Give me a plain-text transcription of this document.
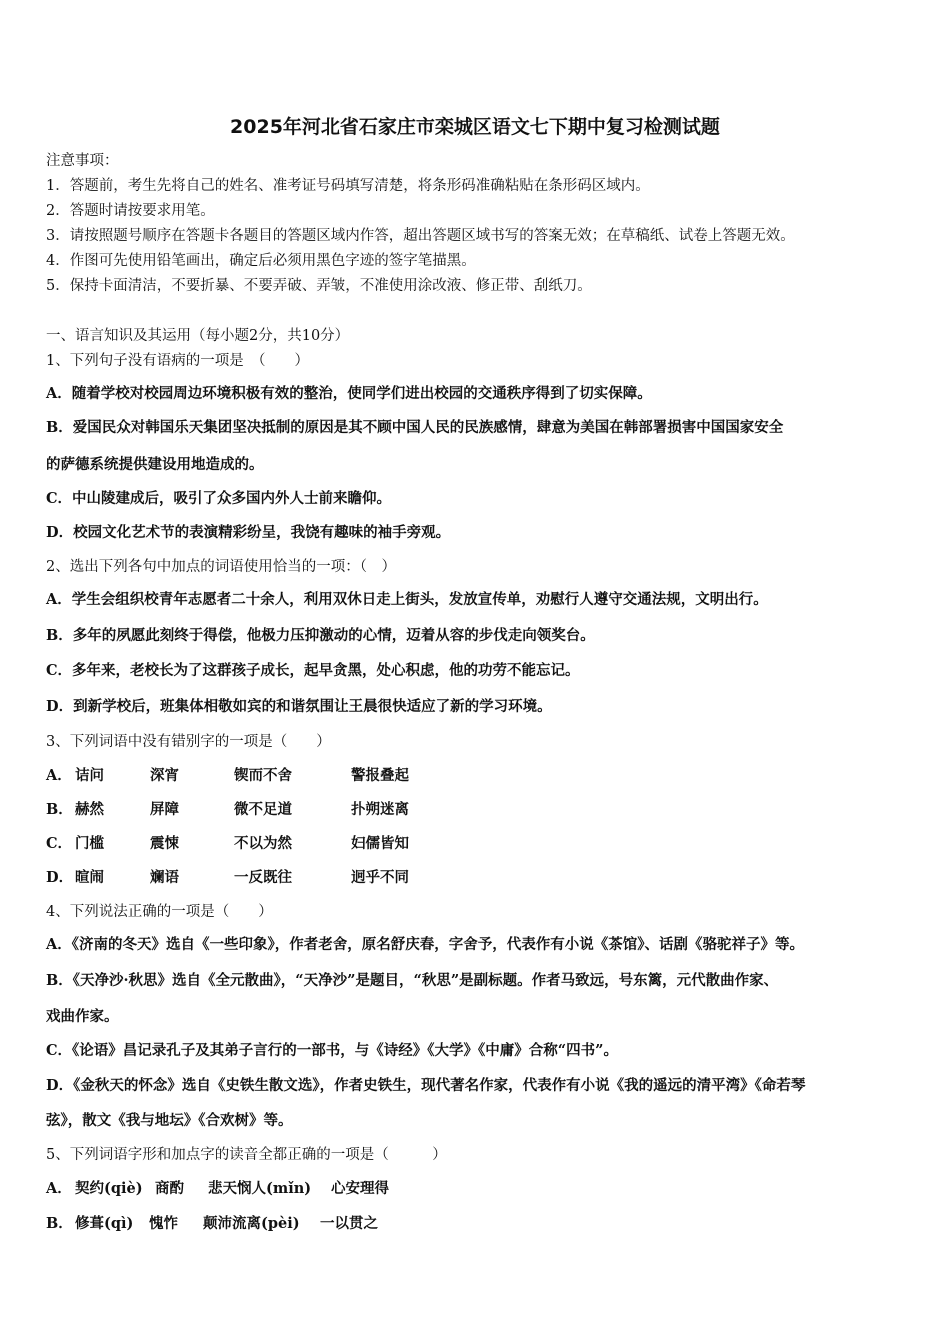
2025年河北省石家庄市栾城区语文七下期中复习检测试题
注意事项：
1．答题前，考生先将自己的姓名、准考证号码填写清楚，将条形码准确粘贴在条形码区域内。
2．答题时请按要求用笔。
3．请按照题号顺序在答题卡各题目的答题区域内作答，超出答题区域书写的答案无效；在草稿纸、试卷上答题无效。
4．作图可先使用铅笔画出，确定后必须用黑色字迹的签字笔描黑。
5．保持卡面清洁，不要折暴、不要弄破、弄皱，不准使用涂改液、修正带、刮纸刀。
一、语言知识及其运用（每小题2分，共10分）
1、下列句子没有语病的一项是　（　　）
A．随着学校对校园周边环境积极有效的整治，使同学们进出校园的交通秩序得到了切实保障。
B．爱国民众对韩国乐天集团坚决抵制的原因是其不顾中国人民的民族感情，肆意为美国在韩部署损害中国国家安全
的萨德系统提供建设用地造成的。
C．中山陵建成后，吸引了众多国内外人士前来瞻仰。
D．校园文化艺术节的表演精彩纷呈，我饶有趣味的袖手旁观。
2、选出下列各句中加点的词语使用恰当的一项：（　）
A．学生会组织校青年志愿者二十余人，利用双休日走上街头，发放宣传单，劝慰行人遵守交通法规，文明出行。
B．多年的夙愿此刻终于得偿，他极力压抑激动的心情，迈着从容的步伐走向领奖台。
C．多年来，老校长为了这群孩子成长，起早贪黑，处心积虑，他的功劳不能忘记。
D．到新学校后，班集体相敬如宾的和谐氛围让王晨很快适应了新的学习环境。
3、下列词语中没有错别字的一项是（　　）
A． 诘问	深宵	锲而不舍	警报叠起
B． 赫然	屏障	微不足道	扑朔迷离
C． 门槛	震悚	不以为然	妇儒皆知
D． 暄闹	斓语	一反既往	迥乎不同
4、下列说法正确的一项是（　　）
A．《济南的冬天》选自《一些印象》，作者老舍，原名舒庆春，字舍予，代表作有小说《茶馆》、话剧《骆驼祥子》等。
B．《天净沙·秋思》选自《全元散曲》，“天净沙”是题目，“秋思”是副标题。作者马致远，号东篱，元代散曲作家、
戏曲作家。
C．《论语》昌记录孔子及其弟子言行的一部书，与《诗经》《大学》《中庸》合称“四书”。
D．《金秋天的怀念》选自《史铁生散文选》，作者史铁生，现代著名作家，代表作有小说《我的遥远的清平湾》《命若琴
弦》，散文《我与地坛》《合欢树》等。
5、下列词语字形和加点字的读音全都正确的一项是（　　　）
A． 契约(qiè) 商酌 悲天悯人(mǐn) 心安理得
B． 修葺(qì) 愧怍 颠沛流离(pèi) 一以贯之
